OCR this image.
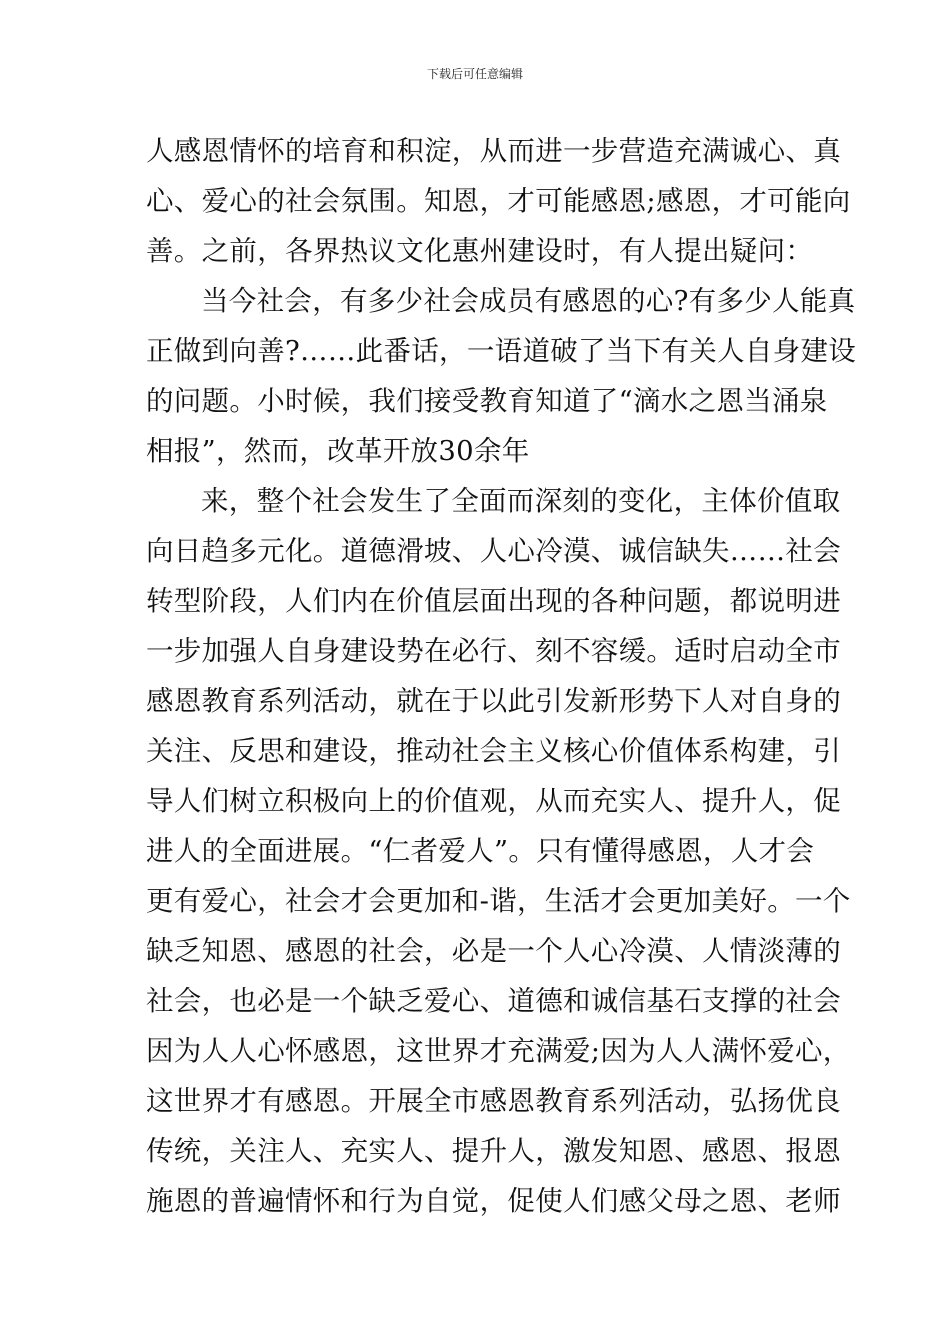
下载后可任意编辑
人感恩情怀的培育和积淀，从而进一步营造充满诚心、真
心、爱心的社会氛围。知恩，才可能感恩;感恩，才可能向
善。之前，各界热议文化惠州建设时，有人提出疑问：
当今社会，有多少社会成员有感恩的心?有多少人能真
正做到向善?……此番话，一语道破了当下有关人自身建设
的问题。小时候，我们接受教育知道了“滴水之恩当涌泉
相报”，然而，改革开放30余年
来，整个社会发生了全面而深刻的变化，主体价值取
向日趋多元化。道德滑坡、人心冷漠、诚信缺失……社会
转型阶段，人们内在价值层面出现的各种问题，都说明进
一步加强人自身建设势在必行、刻不容缓。适时启动全市
感恩教育系列活动，就在于以此引发新形势下人对自身的
关注、反思和建设，推动社会主义核心价值体系构建，引
导人们树立积极向上的价值观，从而充实人、提升人，促
进人的全面进展。“仁者爱人”。只有懂得感恩，人才会
更有爱心，社会才会更加和-谐，生活才会更加美好。一个
缺乏知恩、感恩的社会，必是一个人心冷漠、人情淡薄的
社会，也必是一个缺乏爱心、道德和诚信基石支撑的社会
因为人人心怀感恩，这世界才充满爱;因为人人满怀爱心，
这世界才有感恩。开展全市感恩教育系列活动，弘扬优良
传统，关注人、充实人、提升人，激发知恩、感恩、报恩
施恩的普遍情怀和行为自觉，促使人们感父母之恩、老师
